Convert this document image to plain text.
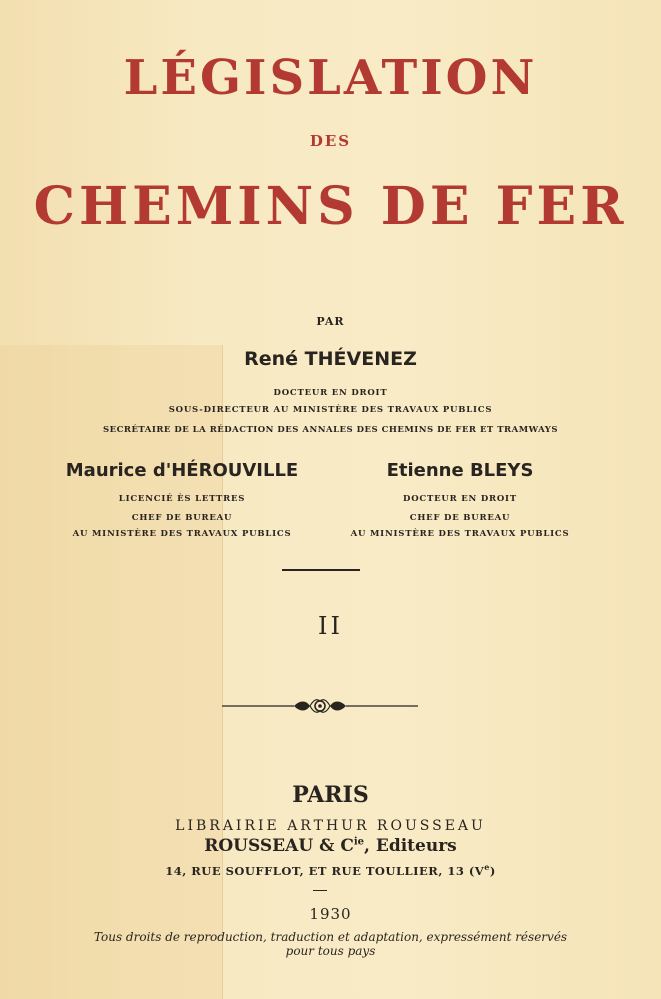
LÉGISLATION
DES
CHEMINS DE FER
PAR
René THÉVENEZ
DOCTEUR EN DROIT
SOUS-DIRECTEUR AU MINISTÈRE DES TRAVAUX PUBLICS
SECRÉTAIRE DE LA RÉDACTION DES ANNALES DES CHEMINS DE FER ET TRAMWAYS
Maurice d'HÉROUVILLE
LICENCIÉ ÈS LETTRES
CHEF DE BUREAU
AU MINISTÈRE DES TRAVAUX PUBLICS
Etienne BLEYS
DOCTEUR EN DROIT
CHEF DE BUREAU
AU MINISTÈRE DES TRAVAUX PUBLICS
II
PARIS
LIBRAIRIE ARTHUR ROUSSEAU
ROUSSEAU & $C^{ie}$, Editeurs
14, RUE SOUFFLOT, ET RUE TOULLIER, 13 (Ve)
1930
Tous droits de reproduction, traduction et adaptation, expressément réservés
pour tous pays
